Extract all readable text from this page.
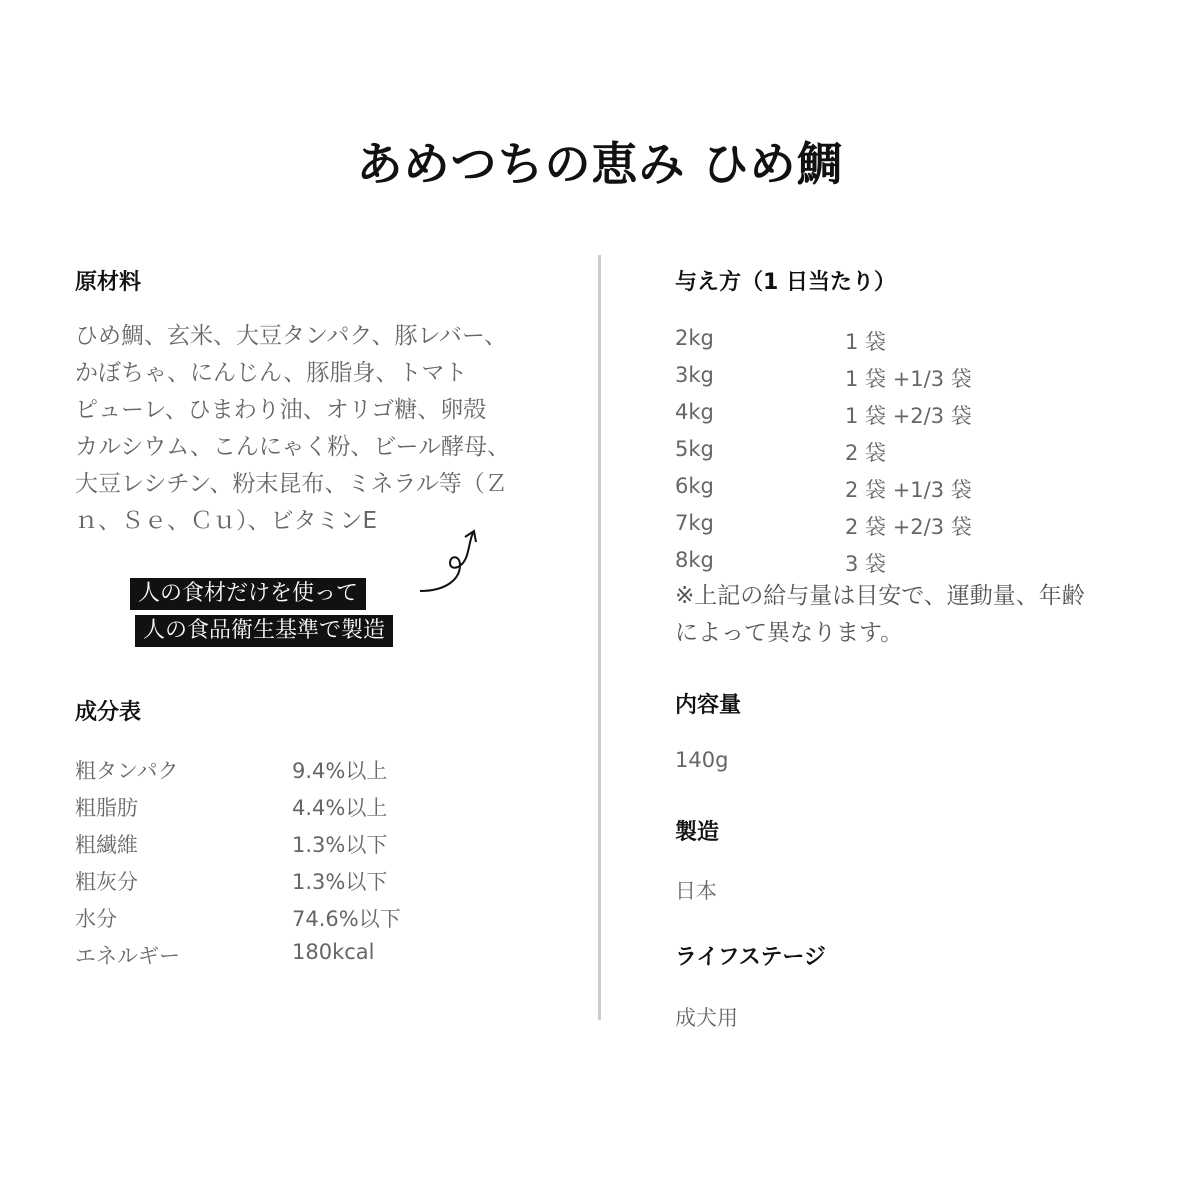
あめつちの恵み ひめ鯛
原材料
ひめ鯛、玄米、大豆タンパク、豚レバー、
かぼちゃ、にんじん、豚脂身、トマト
ピューレ、ひまわり油、オリゴ糖、卵殻
カルシウム、こんにゃく粉、ビール酵母、
大豆レシチン、粉末昆布、ミネラル等（Ｚ
ｎ、Ｓｅ、Ｃｕ）、ビタミンE
人の食材だけを使って
人の食品衛生基準で製造
成分表
粗タンパク	9.4%以上
粗脂肪	4.4%以上
粗繊維	1.3%以下
粗灰分	1.3%以下
水分	74.6%以下
エネルギー	180kcal
与え方（1 日当たり）
2kg	1 袋
3kg	1 袋 +1/3 袋
4kg	1 袋 +2/3 袋
5kg	2 袋
6kg	2 袋 +1/3 袋
7kg	2 袋 +2/3 袋
8kg	3 袋
※上記の給与量は目安で、運動量、年齢
によって異なります。
内容量
140g
製造
日本
ライフステージ
成犬用
